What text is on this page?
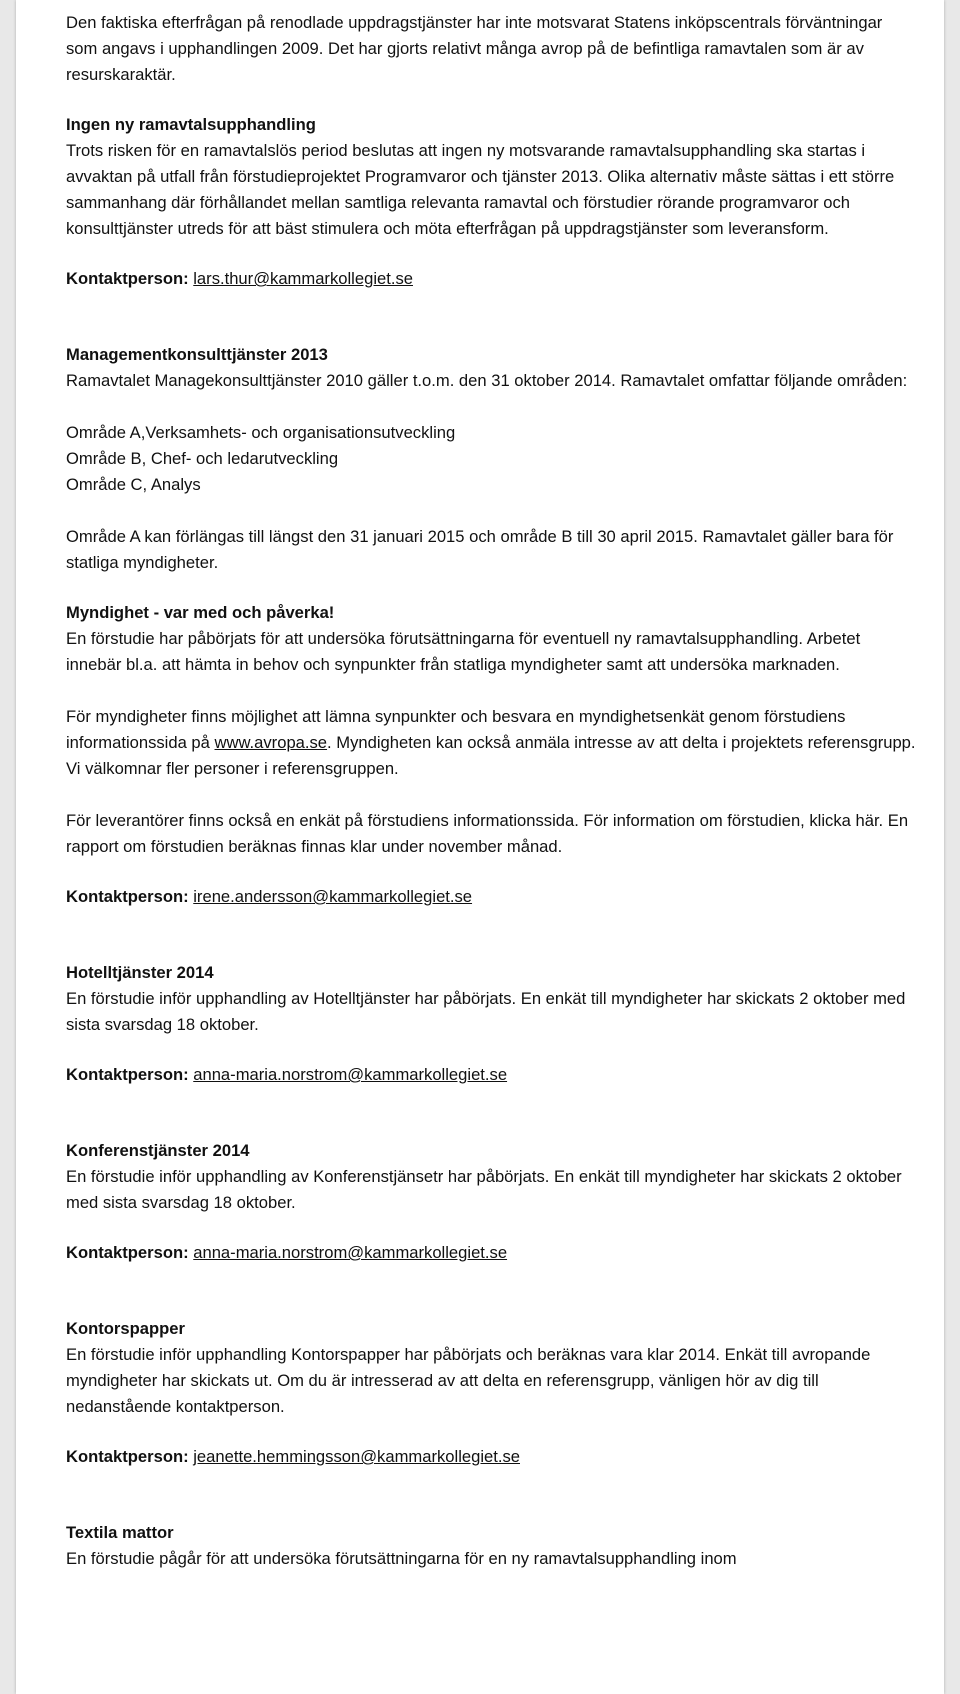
Den faktiska efterfrågan på renodlade uppdragstjänster har inte motsvarat Statens inköpscentrals förväntningar som angavs i upphandlingen 2009. Det har gjorts relativt många avrop på de befintliga ramavtalen som är av resurskaraktär.

Ingen ny ramavtalsupphandling

Trots risken för en ramavtalslös period beslutas att ingen ny motsvarande ramavtalsupphandling ska startas i avvaktan på utfall från förstudieprojektet Programvaror och tjänster 2013. Olika alternativ måste sättas i ett större sammanhang där förhållandet mellan samtliga relevanta ramavtal och förstudier rörande programvaror och konsulttjänster utreds för att bäst stimulera och möta efterfrågan på uppdragstjänster som leveransform.

Kontaktperson: lars.thur@kammarkollegiet.se

Managementkonsulttjänster 2013

Ramavtalet Managekonsulttjänster 2010 gäller t.o.m. den 31 oktober 2014. Ramavtalet omfattar följande områden:

Område A,Verksamhets- och organisationsutveckling

Område B, Chef- och ledarutveckling

Område C, Analys

Område A kan förlängas till längst den 31 januari 2015 och område B till 30 april 2015. Ramavtalet gäller bara för statliga myndigheter.

Myndighet - var med och påverka!

En förstudie har påbörjats för att undersöka förutsättningarna för eventuell ny ramavtalsupphandling. Arbetet innebär bl.a. att hämta in behov och synpunkter från statliga myndigheter samt att undersöka marknaden.

För myndigheter finns möjlighet att lämna synpunkter och besvara en myndighetsenkät genom förstudiens informationssida på www.avropa.se. Myndigheten kan också anmäla intresse av att delta i projektets referensgrupp. Vi välkomnar fler personer i referensgruppen.

För leverantörer finns också en enkät på förstudiens informationssida. För information om förstudien, klicka här. En rapport om förstudien beräknas finnas klar under november månad.

Kontaktperson: irene.andersson@kammarkollegiet.se

Hotelltjänster 2014

En förstudie inför upphandling av Hotelltjänster har påbörjats. En enkät till myndigheter har skickats 2 oktober med sista svarsdag 18 oktober.

Kontaktperson: anna-maria.norstrom@kammarkollegiet.se

Konferenstjänster 2014

En förstudie inför upphandling av Konferenstjänsetr har påbörjats. En enkät till myndigheter har skickats 2 oktober med sista svarsdag 18 oktober.

Kontaktperson: anna-maria.norstrom@kammarkollegiet.se

Kontorspapper

En förstudie inför upphandling Kontorspapper har påbörjats och beräknas vara klar 2014. Enkät till avropande myndigheter har skickats ut. Om du är intresserad av att delta en referensgrupp, vänligen hör av dig till nedanstående kontaktperson.

Kontaktperson: jeanette.hemmingsson@kammarkollegiet.se

Textila mattor

En förstudie pågår för att undersöka förutsättningarna för en ny ramavtalsupphandling inom
